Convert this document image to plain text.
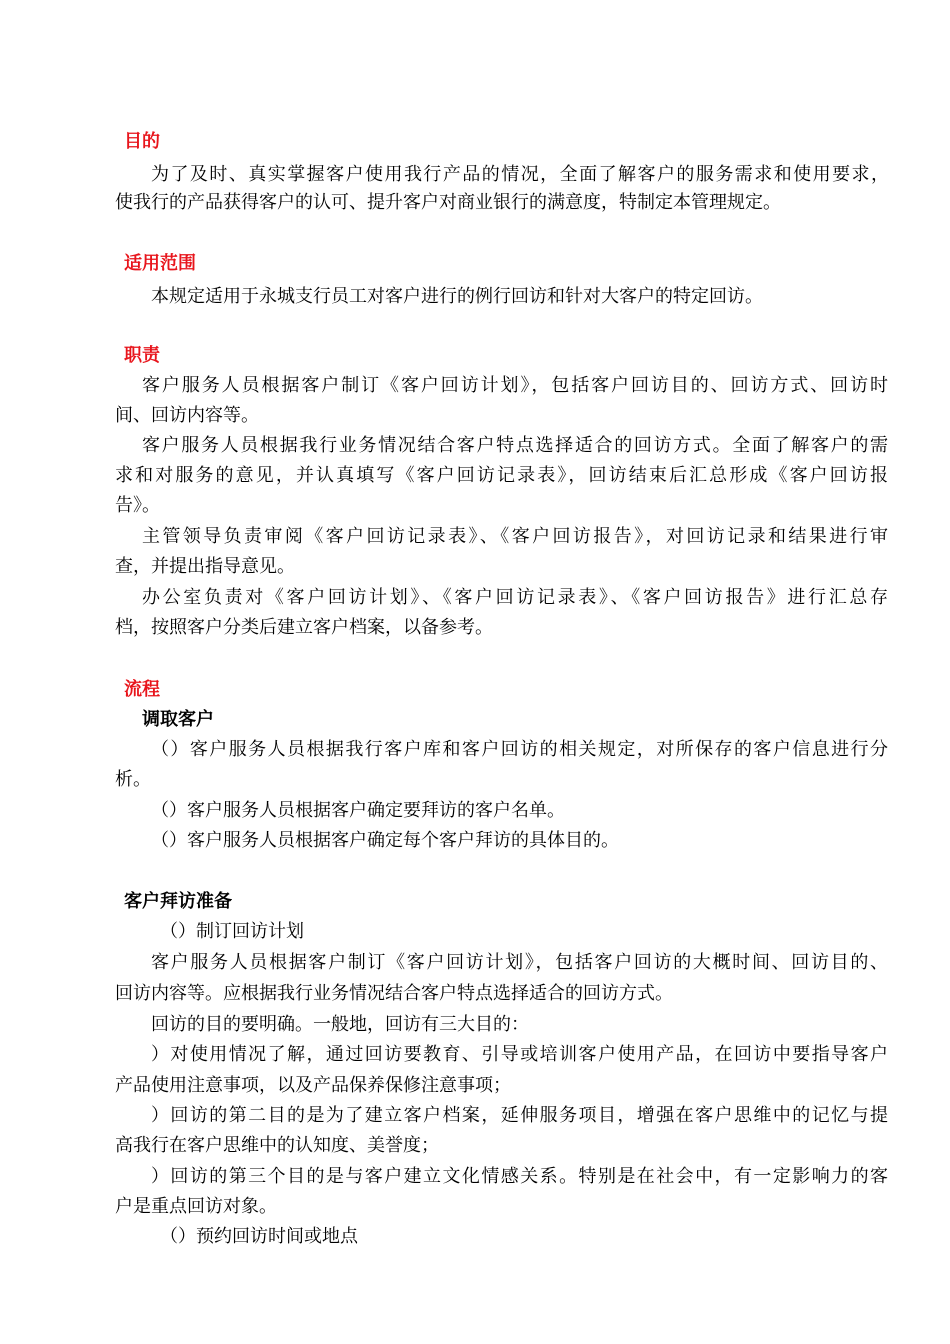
目的
为了及时、真实掌握客户使用我行产品的情况，全面了解客户的服务需求和使用要求，
使我行的产品获得客户的认可、提升客户对商业银行的满意度，特制定本管理规定。
适用范围
本规定适用于永城支行员工对客户进行的例行回访和针对大客户的特定回访。
职责
客户服务人员根据客户制订《客户回访计划》，包括客户回访目的、回访方式、回访时
间、回访内容等。
客户服务人员根据我行业务情况结合客户特点选择适合的回访方式。全面了解客户的需
求和对服务的意见，并认真填写《客户回访记录表》，回访结束后汇总形成《客户回访报
告》。
主管领导负责审阅《客户回访记录表》、《客户回访报告》，对回访记录和结果进行审
查，并提出指导意见。
办公室负责对《客户回访计划》、《客户回访记录表》、《客户回访报告》进行汇总存
档，按照客户分类后建立客户档案，以备参考。
流程
调取客户
（）客户服务人员根据我行客户库和客户回访的相关规定，对所保存的客户信息进行分
析。
（）客户服务人员根据客户确定要拜访的客户名单。
（）客户服务人员根据客户确定每个客户拜访的具体目的。
客户拜访准备
（）制订回访计划
客户服务人员根据客户制订《客户回访计划》，包括客户回访的大概时间、回访目的、
回访内容等。应根据我行业务情况结合客户特点选择适合的回访方式。
回访的目的要明确。一般地，回访有三大目的：
）对使用情况了解，通过回访要教育、引导或培训客户使用产品，在回访中要指导客户
产品使用注意事项，以及产品保养保修注意事项；
）回访的第二目的是为了建立客户档案，延伸服务项目，增强在客户思维中的记忆与提
高我行在客户思维中的认知度、美誉度；
）回访的第三个目的是与客户建立文化情感关系。特别是在社会中，有一定影响力的客
户是重点回访对象。
（）预约回访时间或地点
